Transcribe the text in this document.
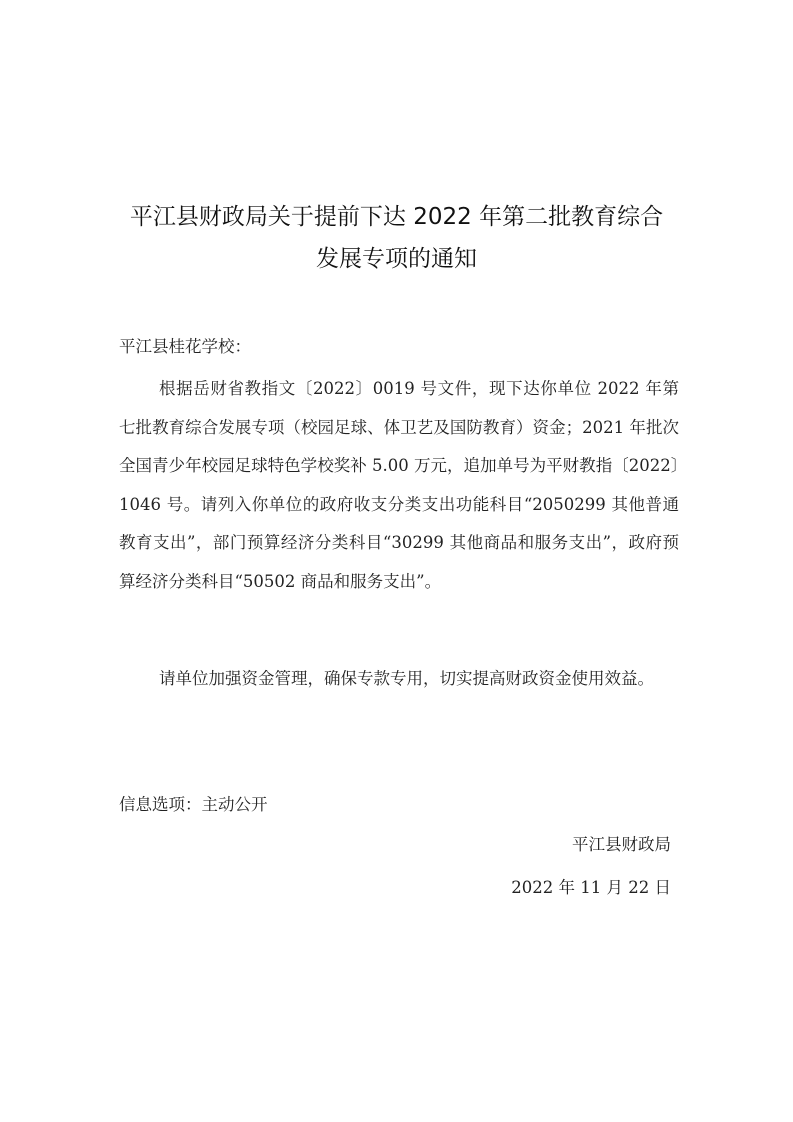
平江县财政局关于提前下达 2022 年第二批教育综合
发展专项的通知
平江县桂花学校：
根据岳财省教指文〔2022〕0019 号文件，现下达你单位 2022 年第七批教育综合发展专项（校园足球、体卫艺及国防教育）资金；2021 年批次全国青少年校园足球特色学校奖补 5.00 万元，追加单号为平财教指〔2022〕1046 号。请列入你单位的政府收支分类支出功能科目“2050299 其他普通教育支出”，部门预算经济分类科目“30299 其他商品和服务支出”，政府预算经济分类科目“50502 商品和服务支出”。
请单位加强资金管理，确保专款专用，切实提高财政资金使用效益。
信息选项：主动公开
平江县财政局
2022 年 11 月 22 日
